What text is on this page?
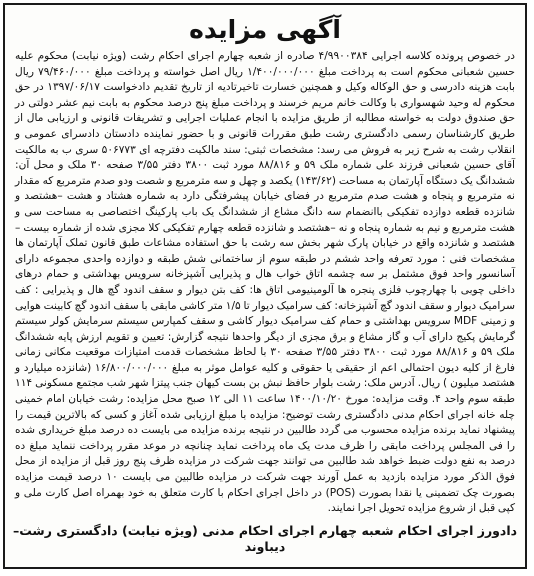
آگهی مزایده
در خصوص پرونده کلاسه اجرایی ۴/۹۹۰۰۳۸۴ صادره از شعبه چهارم اجرای احکام رشت (ویژه نیابت) محکوم علیه حسین شعبانی محکوم است به پرداخت مبلغ ۱/۴۰۰/۰۰۰/۰۰۰ ریال اصل خواسته و پرداخت مبلغ ۷۹/۴۶۰/۰۰۰ ریال بابت هزینه دادرسی و حق الوکاله وکیل و همچنین خسارت تاخیرتادیه از تاریخ تقدیم دادخواست ۱۳۹۷/۰۶/۱۷ در حق محکوم له وحید شهسواری با وکالت خانم مریم خرسند و پرداخت مبلغ پنج درصد محکوم به بابت نیم عشر دولتی در حق صندوق دولت به خواسته مطالبه از طریق مزایده با انجام عملیات اجرایی و تشریفات قانونی و ارزیابی مال از طریق کارشناسان رسمی دادگستری رشت طبق مقررات قانونی و با حضور نماینده دادستان دادسرای عمومی و انقلاب رشت به شرح زیر به فروش می رسد: مشخصات ثبتی: سند مالکیت دفترچه ای ۵۰۶۷۷۳ سری ب به مالکیت آقای حسین شعبانی فرزند علی شماره ملک ۵۹ و ۸۸/۸۱۶ مورد ثبت ۳۸۰۰ دفتر ۳/۵۵ صفحه ۳۰ ملک و محل آن: ششدانگ یک دستگاه آپارتمان به مساحت (۱۴۳/۶۲) یکصد و چهل و سه مترمربع و شصت ودو صدم مترمربع که مقدار نه مترمربع و پنجاه و هشت صدم مترمربع در فضای خیابان پیشرفتگی دارد به شماره هشتاد و هشت –هشتصد و شانزده قطعه دوازده تفکیکی باانضمام سه دانگ مشاع از ششدانگ یک باب پارکینگ اختصاصی به مساحت سی و هشت مترمربع و نیم به شماره پنجاه و نه –هشتصد و شانزده قطعه چهارم تفکیکی کلا مجزی شده از شماره بیست –هشتصد و شانزده واقع در خیابان پارک شهر بخش سه رشت با حق استفاده مشاعات طبق قانون تملک آپارتمان ها مشخصات فنی : مورد تعرفه واحد ششم در طبقه سوم از ساختمانی شش طبقه و دوازده واحدی مجموعه دارای آسانسور واحد فوق مشتمل بر سه چشمه اتاق خواب هال و پذیرایی آشپزخانه سرویس بهداشتی و حمام درهای داخلی چوبی با چهارچوب فلزی پنجره ها آلومینیومی اتاق ها: کف بتن دیوار و سقف اندود گچ هال و پذیرایی : کف سرامیک دیوار و سقف اندود گچ آشپزخانه: کف سرامیک دیوار تا ۱/۵ متر کاشی مابقی با سقف اندود گچ کابینت هوایی و زمینی MDF سرویس بهداشتی و حمام کف سرامیک دیوار کاشی و سقف کمپارس سیستم سرمایش کولر سیستم گرمایش پکیج دارای آب و گاز مشاع و برق مجزی از دیگر واحدها نتیجه گزارش: تعیین و تقویم ارزش پایه ششدانگ ملک ۵۹ و ۸۸/۸۱۶ مورد ثبت ۳۸۰۰ دفتر ۳/۵۵ صفحه ۳۰ با لحاظ مشخصات قدمت امتیازات موقعیت مکانی زمانی فارغ از کلیه دیون احتمالی اعم از حقیقی یا حقوقی و کلیه عوامل موثر به مبلغ ۱۶/۸۰۰/۰۰۰/۰۰۰ (شانزده میلیارد و هشتصد میلیون ) ریال. آدرس ملک: رشت بلوار حافظ نبش بن بست کیهان جنب پیتزا شهر شب مجتمع مسکونی ۱۱۴ طبقه سوم واحد ۴. وقت مزایده: مورخ ۱۴۰۰/۱۰/۲۰ ساعت ۱۱ الی ۱۲ صبح محل مزایده: رشت خیابان امام خمینی چله خانه اجرای احکام مدنی دادگستری رشت توضیح: مزایده با مبلغ ارزیابی شده آغاز و کسی که بالاترین قیمت را پیشنهاد نماید برنده مزایده محسوب می گردد طالبین در نتیجه برنده مزایده می بایست ده درصد مبلغ خریداری شده را فی المجلس پرداخت مابقی را ظرف مدت یک ماه پرداخت نماید چنانچه در موعد مقرر پرداخت ننماید مبلغ ده درصد به نفع دولت ضبط خواهد شد طالبین می توانند جهت شرکت در مزایده ظرف پنج روز قبل از مزایده از محل فوق الذکر مورد مزایده بازدید به عمل آورند جهت شرکت در مزایده طالبین می بایست ۱۰ درصد قیمت مزایده بصورت چک تضمینی یا نقدا بصورت (POS) در داخل اجرای احکام با کارت متعلق به خود بهمراه اصل کارت ملی و کپی قبل از شروع مزایده تحویل اجرا نمایند.
دادورز اجرای احکام شعبه چهارم اجرای احکام مدنی (ویژه نیابت) دادگستری رشت–دیباوند
